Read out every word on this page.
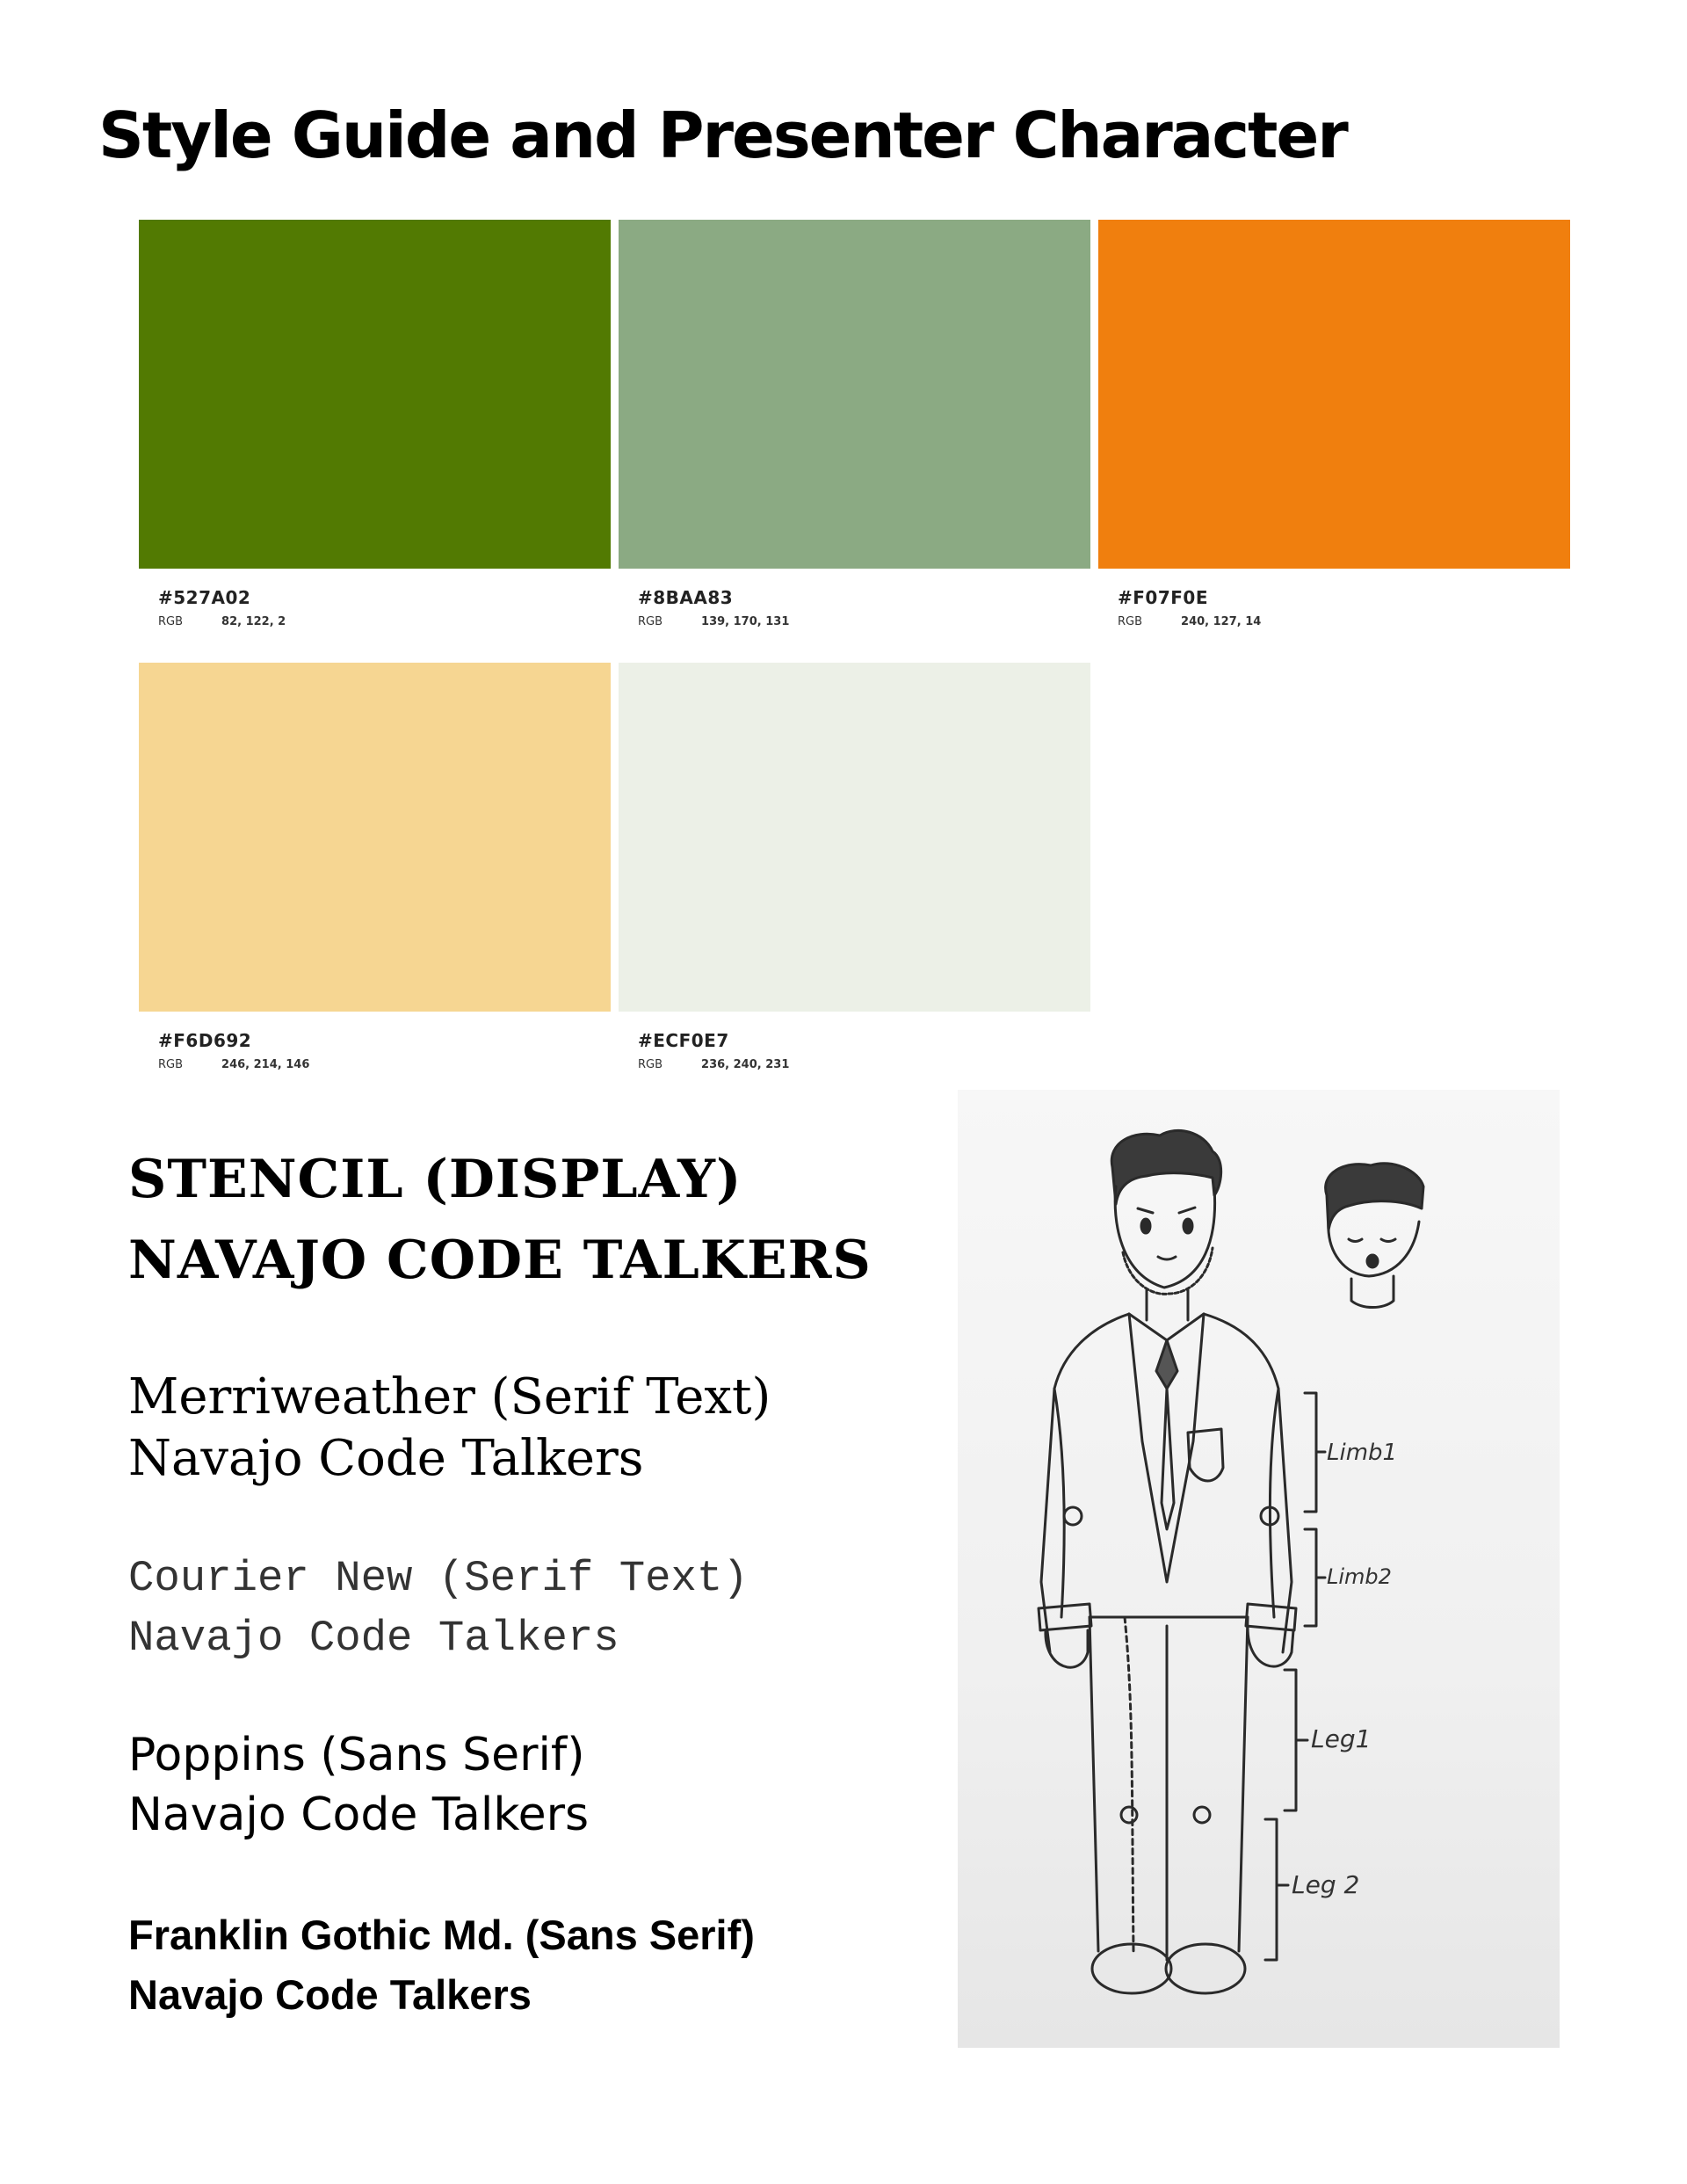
Style Guide and Presenter Character
#527A02
RGB	82, 122, 2
#8BAA83
RGB	139, 170, 131
#F07F0E
RGB	240, 127, 14
#F6D692
RGB	246, 214, 146
#ECF0E7
RGB	236, 240, 231
STENCIL (DISPLAY)
NAVAJO CODE TALKERS
Merriweather (Serif Text)
Navajo Code Talkers
Courier New (Serif Text)
Navajo Code Talkers
Poppins (Sans Serif)
Navajo Code Talkers
Franklin Gothic Md. (Sans Serif)
Navajo Code Talkers
Limb1
Limb2
Leg1
Leg 2
